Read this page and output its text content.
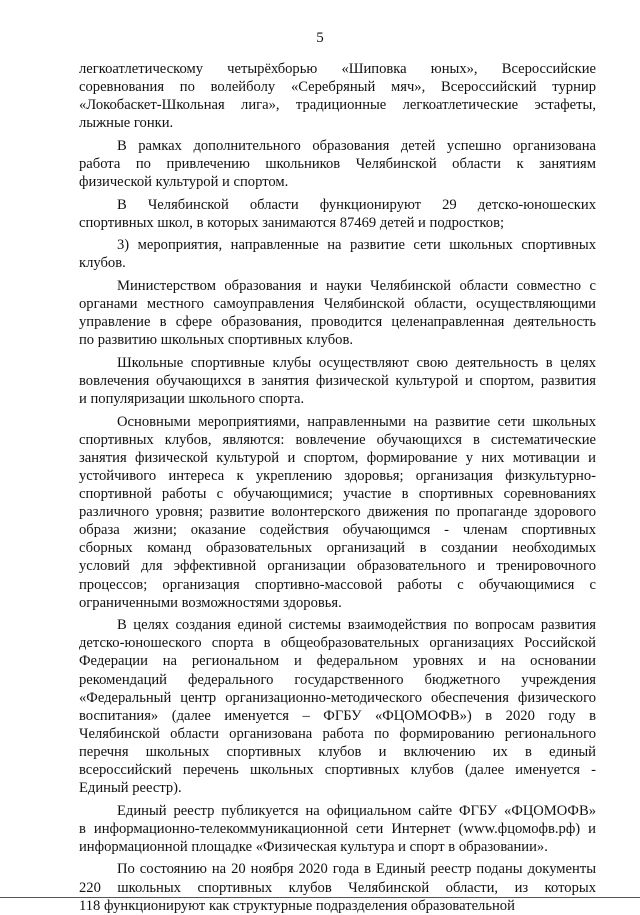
5
легкоатлетическому четырёхборью «Шиповка юных», Всероссийские
соревнования по волейболу «Серебряный мяч», Всероссийский турнир
«Локобаскет-Школьная лига», традиционные легкоатлетические эстафеты,
лыжные гонки.
В рамках дополнительного образования детей успешно организована
работа по привлечению школьников Челябинской области к занятиям
физической культурой и спортом.
В Челябинской области функционируют 29 детско-юношеских
спортивных школ, в которых занимаются 87469 детей и подростков;
3) мероприятия, направленные на развитие сети школьных спортивных
клубов.
Министерством образования и науки Челябинской области совместно с
органами местного самоуправления Челябинской области, осуществляющими
управление в сфере образования, проводится целенаправленная деятельность
по развитию школьных спортивных клубов.
Школьные спортивные клубы осуществляют свою деятельность в целях
вовлечения обучающихся в занятия физической культурой и спортом, развития
и популяризации школьного спорта.
Основными мероприятиями, направленными на развитие сети школьных
спортивных клубов, являются: вовлечение обучающихся в систематические
занятия физической культурой и спортом, формирование у них мотивации и
устойчивого интереса к укреплению здоровья; организация физкультурно-
спортивной работы с обучающимися; участие в спортивных соревнованиях
различного уровня; развитие волонтерского движения по пропаганде здорового
образа жизни; оказание содействия обучающимся - членам спортивных
сборных команд образовательных организаций в создании необходимых
условий для эффективной организации образовательного и тренировочного
процессов; организация спортивно-массовой работы с обучающимися с
ограниченными возможностями здоровья.
В целях создания единой системы взаимодействия по вопросам развития
детско-юношеского спорта в общеобразовательных организациях Российской
Федерации на региональном и федеральном уровнях и на основании
рекомендаций федерального государственного бюджетного учреждения
«Федеральный центр организационно-методического обеспечения физического
воспитания» (далее именуется – ФГБУ «ФЦОМОФВ») в 2020 году в
Челябинской области организована работа по формированию регионального
перечня школьных спортивных клубов и включению их в единый
всероссийский перечень школьных спортивных клубов (далее именуется -
Единый реестр).
Единый реестр публикуется на официальном сайте ФГБУ «ФЦОМОФВ»
в информационно-телекоммуникационной сети Интернет (www.фцомофв.рф) и
информационной площадке «Физическая культура и спорт в образовании».
По состоянию на 20 ноября 2020 года в Единый реестр поданы документы
220 школьных спортивных клубов Челябинской области, из которых
118 функционируют как структурные подразделения образовательной
